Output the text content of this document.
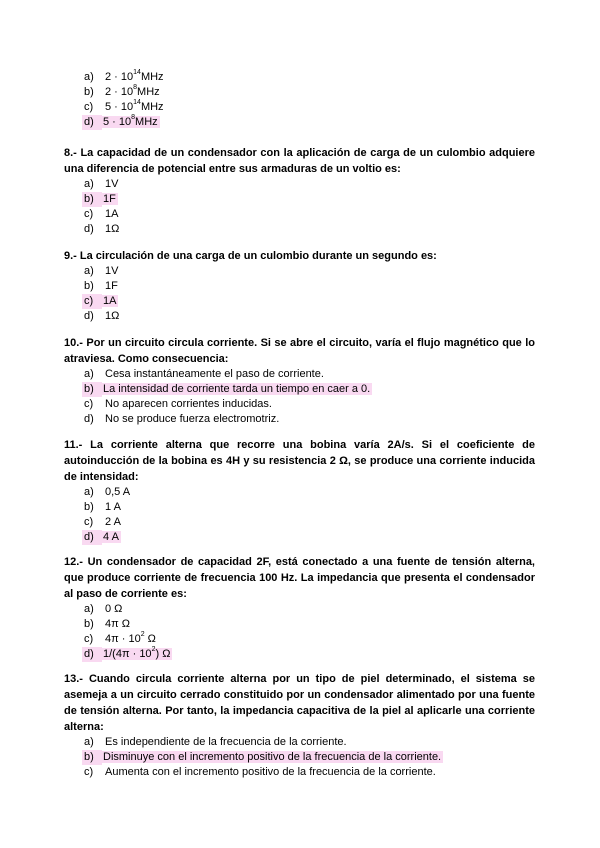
a) $2 \cdot 10^{14}MHz$
b) $2 \cdot 10^8MHz$
c) $5 \cdot 10^{14}MHz$
d) $5 \cdot 10^8MHz$

8.- La capacidad de un condensador con la aplicación de carga de un culombio adquiere una diferencia de potencial entre sus armaduras de un voltio es:

a) 1V
b) 1F
c) 1A
d) 1Ω

9.- La circulación de una carga de un culombio durante un segundo es:

a) 1V
b) 1F
c) 1A
d) 1Ω

10.- Por un circuito circula corriente. Si se abre el circuito, varía el flujo magnético que lo atraviesa. Como consecuencia:

a) Cesa instantáneamente el paso de corriente.
b) La intensidad de corriente tarda un tiempo en caer a 0.
c) No aparecen corrientes inducidas.
d) No se produce fuerza electromotriz.

11.- La corriente alterna que recorre una bobina varía 2A/s. Si el coeficiente de autoinducción de la bobina es 4H y su resistencia 2 Ω, se produce una corriente inducida de intensidad:

a) 0,5 A
b) 1 A
c) 2 A
d) 4 A

12.- Un condensador de capacidad 2F, está conectado a una fuente de tensión alterna, que produce corriente de frecuencia 100 Hz. La impedancia que presenta el condensador al paso de corriente es:

a) 0 Ω
b) 4π Ω
c) $4\pi \cdot 10^2$ Ω
d) $1/(4\pi \cdot 10^2)$ Ω

13.- Cuando circula corriente alterna por un tipo de piel determinado, el sistema se asemeja a un circuito cerrado constituido por un condensador alimentado por una fuente de tensión alterna. Por tanto, la impedancia capacitiva de la piel al aplicarle una corriente alterna:

a) Es independiente de la frecuencia de la corriente.
b) Disminuye con el incremento positivo de la frecuencia de la corriente.
c) Aumenta con el incremento positivo de la frecuencia de la corriente.
